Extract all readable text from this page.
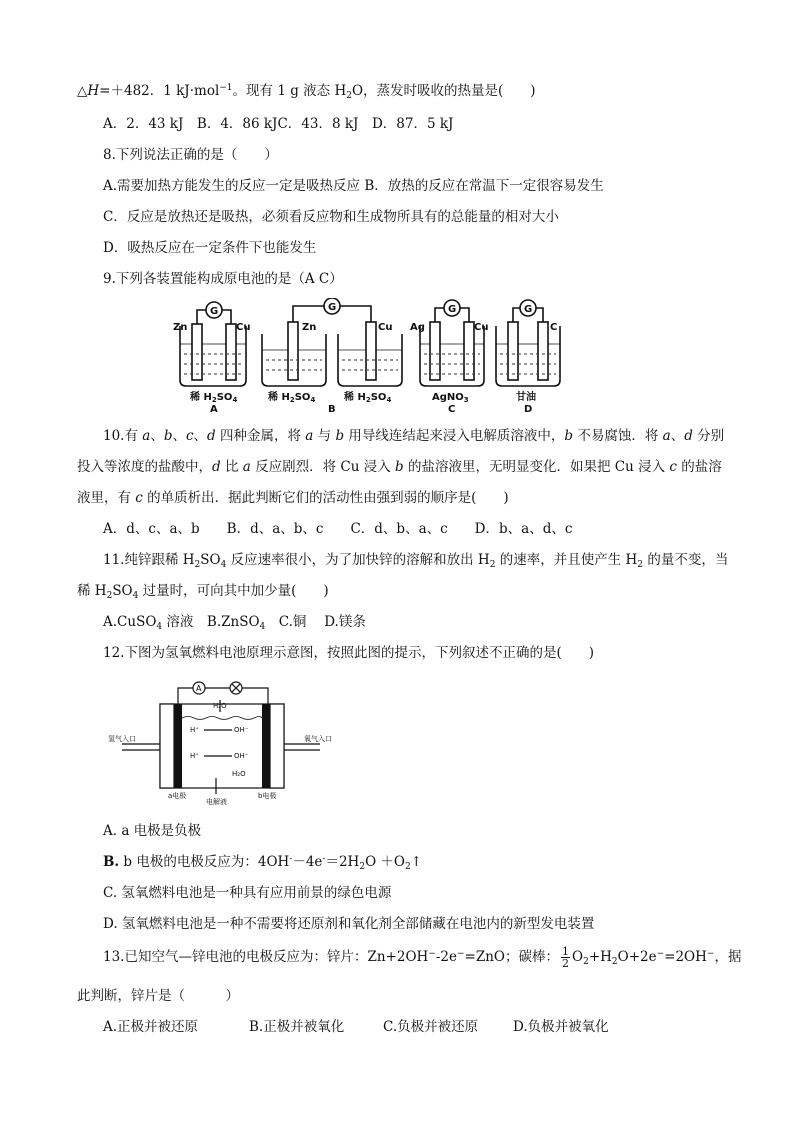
△H=＋482．1 kJ·mol$^{-1}$。现有 1 g 液态 $H_2O$，蒸发时吸收的热量是(　　)
A．2．43 kJ　B．4．86 kJC．43．8 kJ　D．87．5 kJ
8.下列说法正确的是（　　）
A.需要加热方能发生的反应一定是吸热反应 B．放热的反应在常温下一定很容易发生
C．反应是放热还是吸热，必须看反应物和生成物所具有的总能量的相对大小
D．吸热反应在一定条件下也能发生
9.下列各装置能构成原电池的是（A C）
G	G	G	G
Zn	Cu	Zn	Cu Ag	Cu	C
稀 $H_2SO_4$	稀 $H_2SO_4$	稀 $H_2SO_4$	AgNO$_3$	甘油
A	B	C	D
10.有 a、b、c、d 四种金属，将 a 与 b 用导线连结起来浸入电解质溶液中，b 不易腐蚀．将 a、d 分别
投入等浓度的盐酸中，d 比 a 反应剧烈．将 Cu 浸入 b 的盐溶液里，无明显变化．如果把 Cu 浸入 c 的盐溶
液里，有 c 的单质析出．据此判断它们的活动性由强到弱的顺序是(　　)
A．d、c、a、b　　B．d、a、b、c　　C．d、b、a、c　　D．b、a、d、c
11.纯锌跟稀 $H_2SO_4$ 反应速率很小，为了加快锌的溶解和放出 $H_2$ 的速率，并且使产生 $H_2$ 的量不变，当
稀 $H_2SO_4$ 过量时，可向其中加少量(　　)
A.CuSO$_4$ 溶液　B.ZnSO$_4$　C.铜　 D.镁条
12.下图为氢氧燃料电池原理示意图，按照此图的提示，下列叙述不正确的是(　　)
A
H₂O
H⁺	OH⁻
H⁺	OH⁻
H₂O
氢气入口	氧气入口
a电极	b电极
电解液
A. a 电极是负极
B. b 电极的电极反应为：$4OH^--4e^-=2H_2O$ $+O_2↑$
C. 氢氧燃料电池是一种具有应用前景的绿色电源
D. 氢氧燃料电池是一种不需要将还原剂和氧化剂全部储藏在电池内的新型发电装置
13.已知空气—锌电池的电极反应为：锌片：Zn+2OH−-2e−=ZnO；碳棒： $\frac{1}{2} O_2+H_2O+2e^-=2OH^-$，据
此判断，锌片是（　　　）
A.正极并被还原	B.正极并被氧化	C.负极并被还原	D.负极并被氧化
